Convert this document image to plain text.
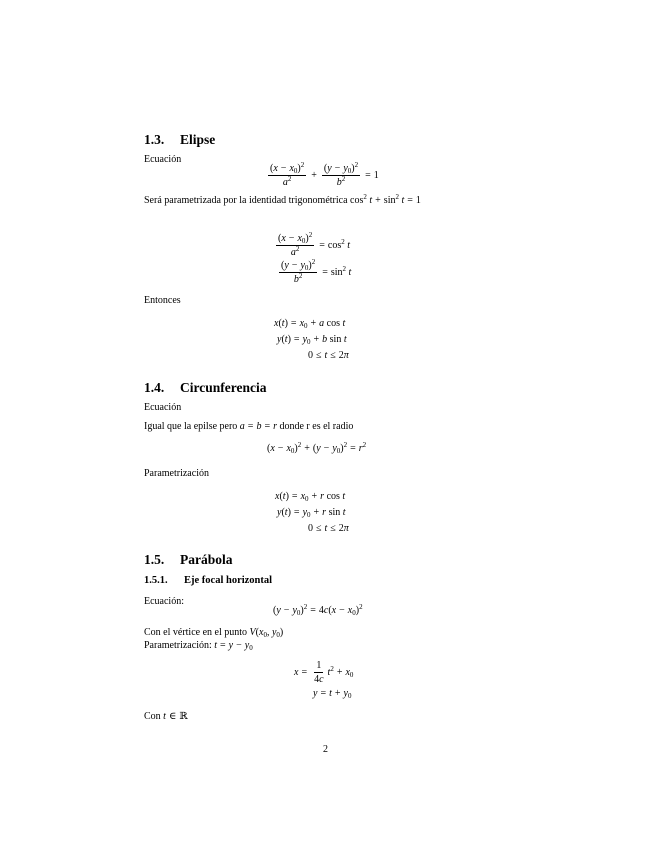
1.3. Elipse
Ecuación
$\frac{(x - x_0)^2}{a^2} + \frac{(y - y_0)^2}{b^2} = 1$
Será parametrizada por la identidad trigonométrica $\cos^2 t + \sin^2 t = 1$
$\frac{(x - x_0)^2}{a^2} = \cos^2 t$
$\frac{(y - y_0)^2}{b^2} = \sin^2 t$
Entonces
$x(t) = x_0 + a$ cos t
$y(t) = y_0 + b$ sin t
0 ≤ t ≤ 2π
1.4. Circunferencia
Ecuación
Igual que la epilse pero a = b = r donde r es el radio
$(x - x_0)^2 + (y - y_0)^2 = r^2$
Parametrización
$x(t) = x_0 + r$ cos t
$y(t) = y_0 + r$ sin t
0 ≤ t ≤ 2π
1.5. Parábola
1.5.1. Eje focal horizontal
Ecuación:
$(y - y_0)^2 = 4c(x - x_0)^2$
Con el vértice en el punto $V(x_0$, $y_0$)
Parametrización: $t = y - y_0$
$x = \frac{1}{4c} t^2 + x_0$
$y = t + y_0$
Con t ∈ ℝ
2
